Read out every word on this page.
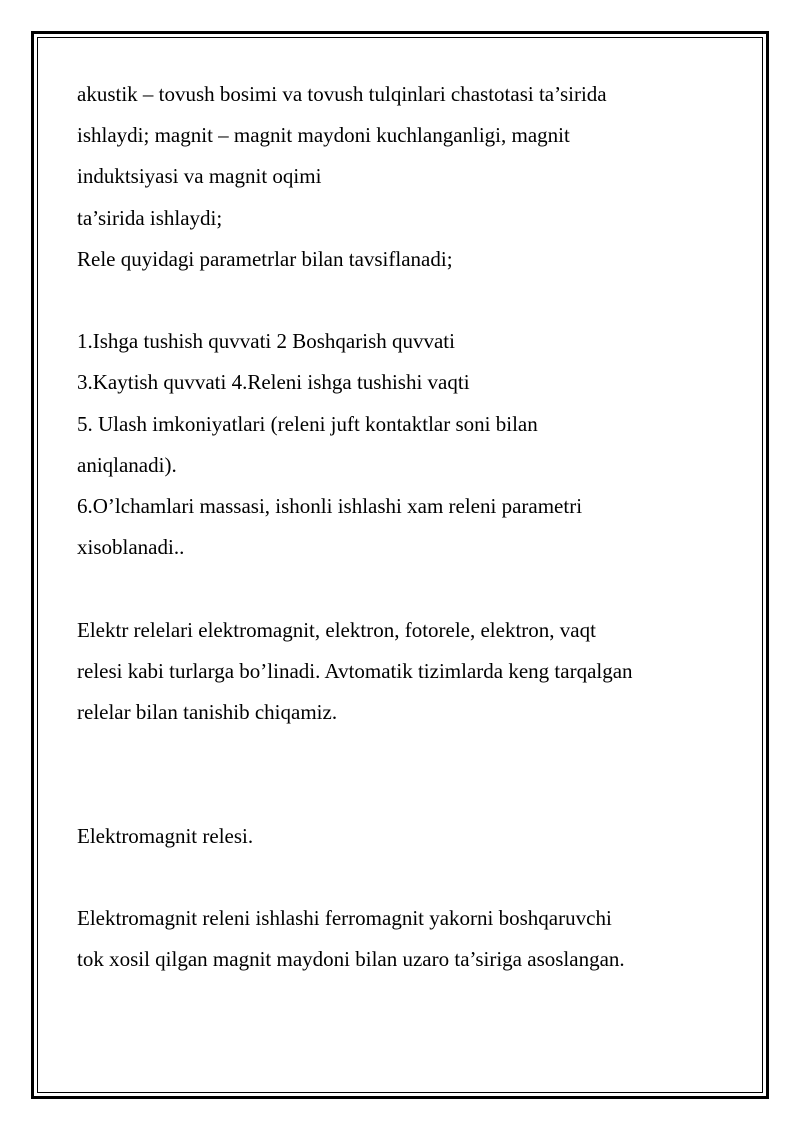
akustik – tovush bosimi va tovush tulqinlari chastotasi ta’sirida
ishlaydi; magnit – magnit maydoni kuchlanganligi, magnit
induktsiyasi va magnit oqimi
ta’sirida ishlaydi;
Rele quyidagi parametrlar bilan tavsiflanadi;
1.Ishga tushish quvvati 2 Boshqarish quvvati
3.Kaytish quvvati 4.Releni ishga tushishi vaqti
5. Ulash imkoniyatlari (releni juft kontaktlar soni bilan
aniqlanadi).
6.O’lchamlari massasi, ishonli ishlashi xam releni parametri
xisoblanadi..
Elektr relelari elektromagnit, elektron, fotorele, elektron, vaqt
relesi kabi turlarga bo’linadi. Avtomatik tizimlarda keng tarqalgan
relelar bilan tanishib chiqamiz.
Elektromagnit relesi.
Elektromagnit releni ishlashi ferromagnit yakorni boshqaruvchi
tok xosil qilgan magnit maydoni bilan uzaro ta’siriga asoslangan.
